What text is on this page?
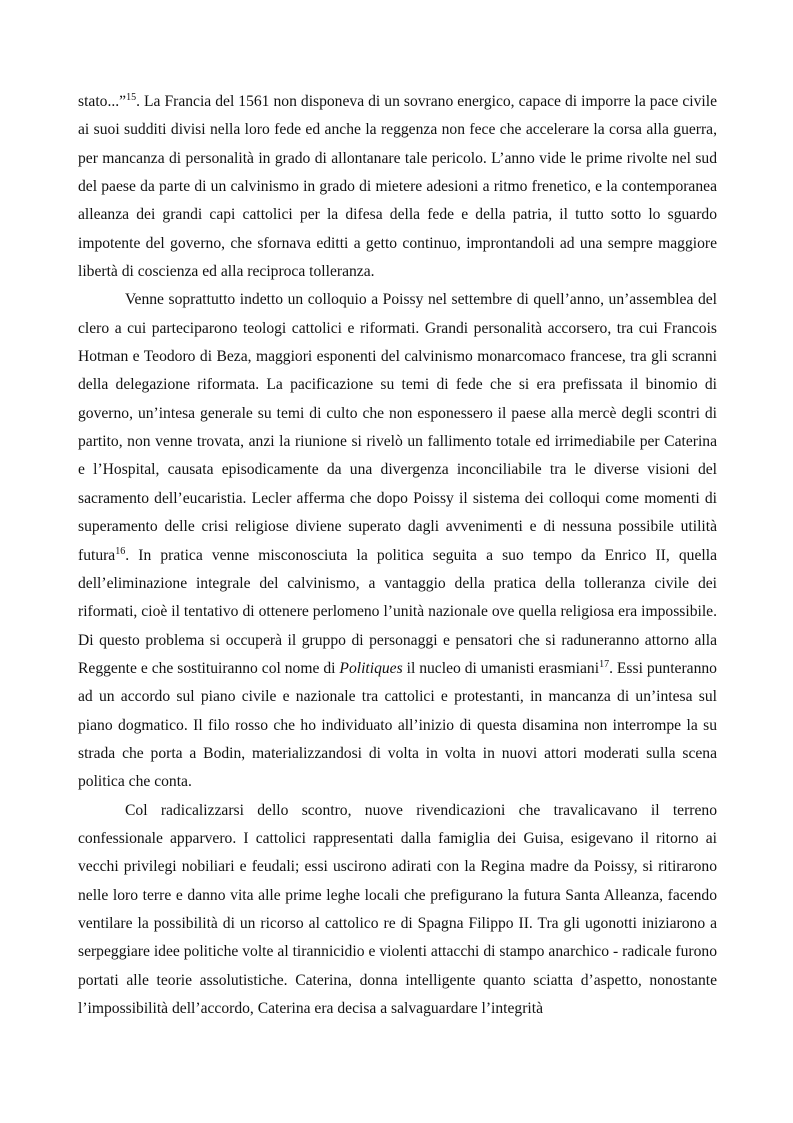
stato...”$^{15}$. La Francia del 1561 non disponeva di un sovrano energico, capace di imporre la pace civile ai suoi sudditi divisi nella loro fede ed anche la reggenza non fece che accelerare la corsa alla guerra, per mancanza di personalità in grado di allontanare tale pericolo. L’anno vide le prime rivolte nel sud del paese da parte di un calvinismo in grado di mietere adesioni a ritmo frenetico, e la contemporanea alleanza dei grandi capi cattolici per la difesa della fede e della patria, il tutto sotto lo sguardo impotente del governo, che sfornava editti a getto continuo, improntandoli ad una sempre maggiore libertà di coscienza ed alla reciproca tolleranza.

Venne soprattutto indetto un colloquio a Poissy nel settembre di quell’anno, un’assemblea del clero a cui parteciparono teologi cattolici e riformati. Grandi personalità accorsero, tra cui Francois Hotman e Teodoro di Beza, maggiori esponenti del calvinismo monarcomaco francese, tra gli scranni della delegazione riformata. La pacificazione su temi di fede che si era prefissata il binomio di governo, un’intesa generale su temi di culto che non esponessero il paese alla mercè degli scontri di partito, non venne trovata, anzi la riunione si rivelò un fallimento totale ed irrimediabile per Caterina e l’Hospital, causata episodicamente da una divergenza inconciliabile tra le diverse visioni del sacramento dell’eucaristia. Lecler afferma che dopo Poissy il sistema dei colloqui come momenti di superamento delle crisi religiose diviene superato dagli avvenimenti e di nessuna possibile utilità futura$^{16}$. In pratica venne misconosciuta la politica seguita a suo tempo da Enrico II, quella dell’eliminazione integrale del calvinismo, a vantaggio della pratica della tolleranza civile dei riformati, cioè il tentativo di ottenere perlomeno l’unità nazionale ove quella religiosa era impossibile. Di questo problema si occuperà il gruppo di personaggi e pensatori che si raduneranno attorno alla Reggente e che sostituiranno col nome di Politiques il nucleo di umanisti erasmiani$^{17}$. Essi punteranno ad un accordo sul piano civile e nazionale tra cattolici e protestanti, in mancanza di un’intesa sul piano dogmatico. Il filo rosso che ho individuato all’inizio di questa disamina non interrompe la su strada che porta a Bodin, materializzandosi di volta in volta in nuovi attori moderati sulla scena politica che conta.

Col radicalizzarsi dello scontro, nuove rivendicazioni che travalicavano il terreno confessionale apparvero. I cattolici rappresentati dalla famiglia dei Guisa, esigevano il ritorno ai vecchi privilegi nobiliari e feudali; essi uscirono adirati con la Regina madre da Poissy, si ritirarono nelle loro terre e danno vita alle prime leghe locali che prefigurano la futura Santa Alleanza, facendo ventilare la possibilità di un ricorso al cattolico re di Spagna Filippo II. Tra gli ugonotti iniziarono a serpeggiare idee politiche volte al tirannicidio e violenti attacchi di stampo anarchico - radicale furono portati alle teorie assolutistiche. Caterina, donna intelligente quanto sciatta d’aspetto, nonostante l’impossibilità dell’accordo, Caterina era decisa a salvaguardare l’integrità
